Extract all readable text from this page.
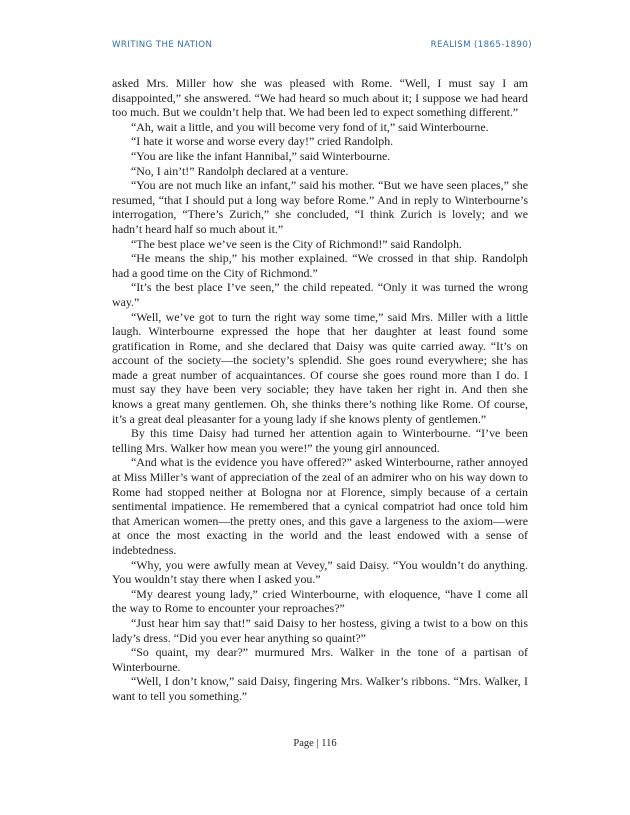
WRITING THE NATION	REALISM (1865-1890)

asked Mrs. Miller how she was pleased with Rome. “Well, I must say I am disappointed,” she answered. “We had heard so much about it; I suppose we had heard too much. But we couldn’t help that. We had been led to expect something different.”

“Ah, wait a little, and you will become very fond of it,” said Winterbourne.

“I hate it worse and worse every day!” cried Randolph.

“You are like the infant Hannibal,” said Winterbourne.

“No, I ain’t!” Randolph declared at a venture.

“You are not much like an infant,” said his mother. “But we have seen places,” she resumed, “that I should put a long way before Rome.” And in reply to Winterbourne’s interrogation, “There’s Zurich,” she concluded, “I think Zurich is lovely; and we hadn’t heard half so much about it.”

“The best place we’ve seen is the City of Richmond!” said Randolph.

“He means the ship,” his mother explained. “We crossed in that ship. Randolph had a good time on the City of Richmond.”

“It’s the best place I’ve seen,” the child repeated. “Only it was turned the wrong way.”

“Well, we’ve got to turn the right way some time,” said Mrs. Miller with a little laugh. Winterbourne expressed the hope that her daughter at least found some gratification in Rome, and she declared that Daisy was quite carried away. “It’s on account of the society—the society’s splendid. She goes round everywhere; she has made a great number of acquaintances. Of course she goes round more than I do. I must say they have been very sociable; they have taken her right in. And then she knows a great many gentlemen. Oh, she thinks there’s nothing like Rome. Of course, it’s a great deal pleasanter for a young lady if she knows plenty of gentlemen.”

By this time Daisy had turned her attention again to Winterbourne. “I’ve been telling Mrs. Walker how mean you were!” the young girl announced.

“And what is the evidence you have offered?” asked Winterbourne, rather annoyed at Miss Miller’s want of appreciation of the zeal of an admirer who on his way down to Rome had stopped neither at Bologna nor at Florence, simply because of a certain sentimental impatience. He remembered that a cynical compatriot had once told him that American women—the pretty ones, and this gave a largeness to the axiom—were at once the most exacting in the world and the least endowed with a sense of indebtedness.

“Why, you were awfully mean at Vevey,” said Daisy. “You wouldn’t do anything. You wouldn’t stay there when I asked you.”

“My dearest young lady,” cried Winterbourne, with eloquence, “have I come all the way to Rome to encounter your reproaches?”

“Just hear him say that!” said Daisy to her hostess, giving a twist to a bow on this lady’s dress. “Did you ever hear anything so quaint?”

“So quaint, my dear?” murmured Mrs. Walker in the tone of a partisan of Winterbourne.

“Well, I don’t know,” said Daisy, fingering Mrs. Walker’s ribbons. “Mrs. Walker, I want to tell you something.”

Page | 116
